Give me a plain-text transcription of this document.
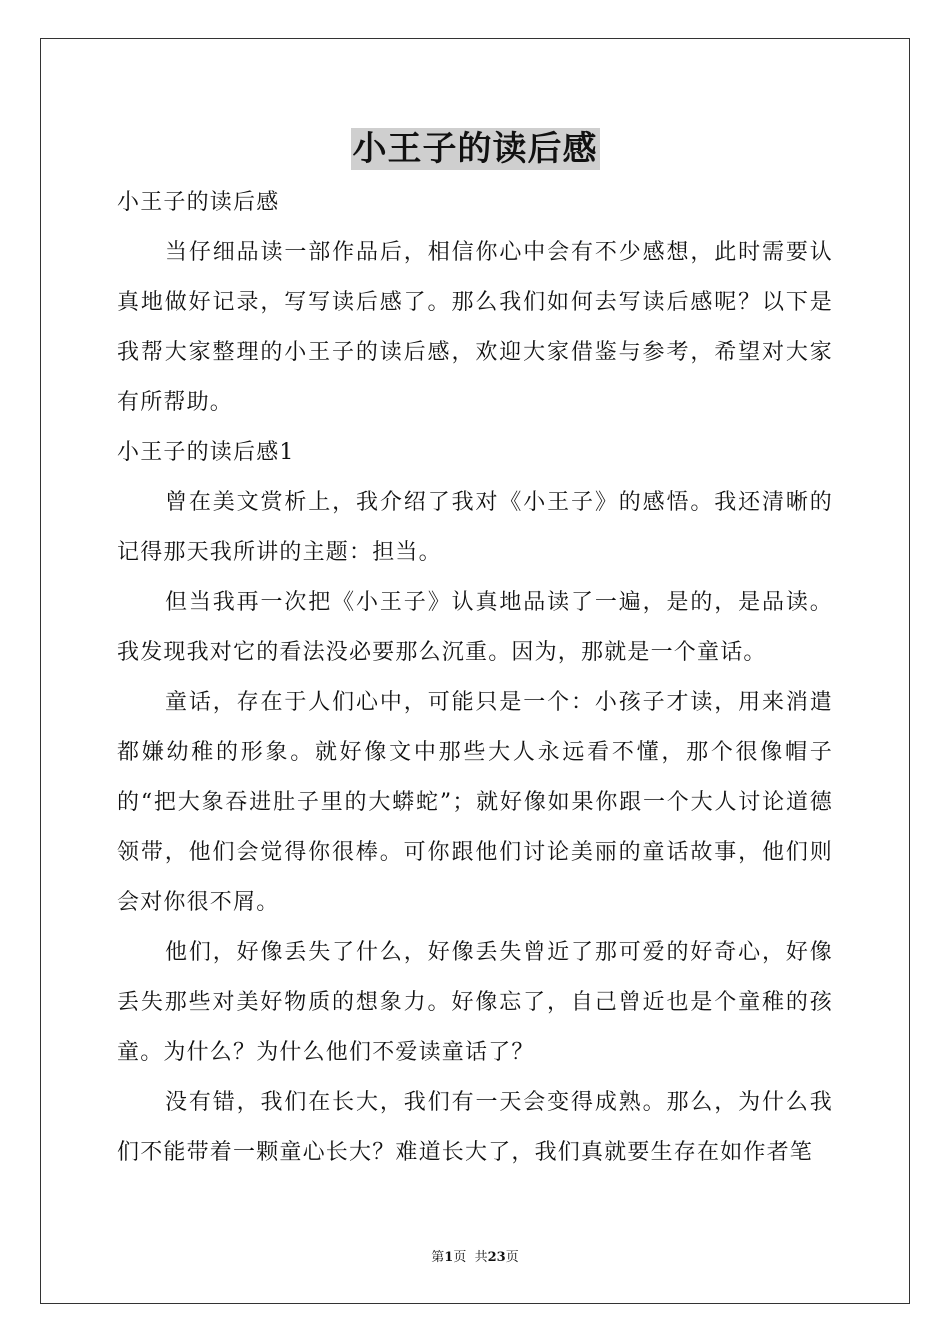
小王子的读后感
小王子的读后感
当仔细品读一部作品后，相信你心中会有不少感想，此时需要认真地做好记录，写写读后感了。那么我们如何去写读后感呢？以下是我帮大家整理的小王子的读后感，欢迎大家借鉴与参考，希望对大家有所帮助。
小王子的读后感1
曾在美文赏析上，我介绍了我对《小王子》的感悟。我还清晰的记得那天我所讲的主题：担当。
但当我再一次把《小王子》认真地品读了一遍，是的，是品读。我发现我对它的看法没必要那么沉重。因为，那就是一个童话。
童话，存在于人们心中，可能只是一个：小孩子才读，用来消遣都嫌幼稚的形象。就好像文中那些大人永远看不懂，那个很像帽子的“把大象吞进肚子里的大蟒蛇”；就好像如果你跟一个大人讨论道德领带，他们会觉得你很棒。可你跟他们讨论美丽的童话故事，他们则会对你很不屑。
他们，好像丢失了什么，好像丢失曾近了那可爱的好奇心，好像丢失那些对美好物质的想象力。好像忘了，自己曾近也是个童稚的孩童。为什么？为什么他们不爱读童话了？
没有错，我们在长大，我们有一天会变得成熟。那么，为什么我们不能带着一颗童心长大？难道长大了，我们真就要生存在如作者笔
第1页  共23页
